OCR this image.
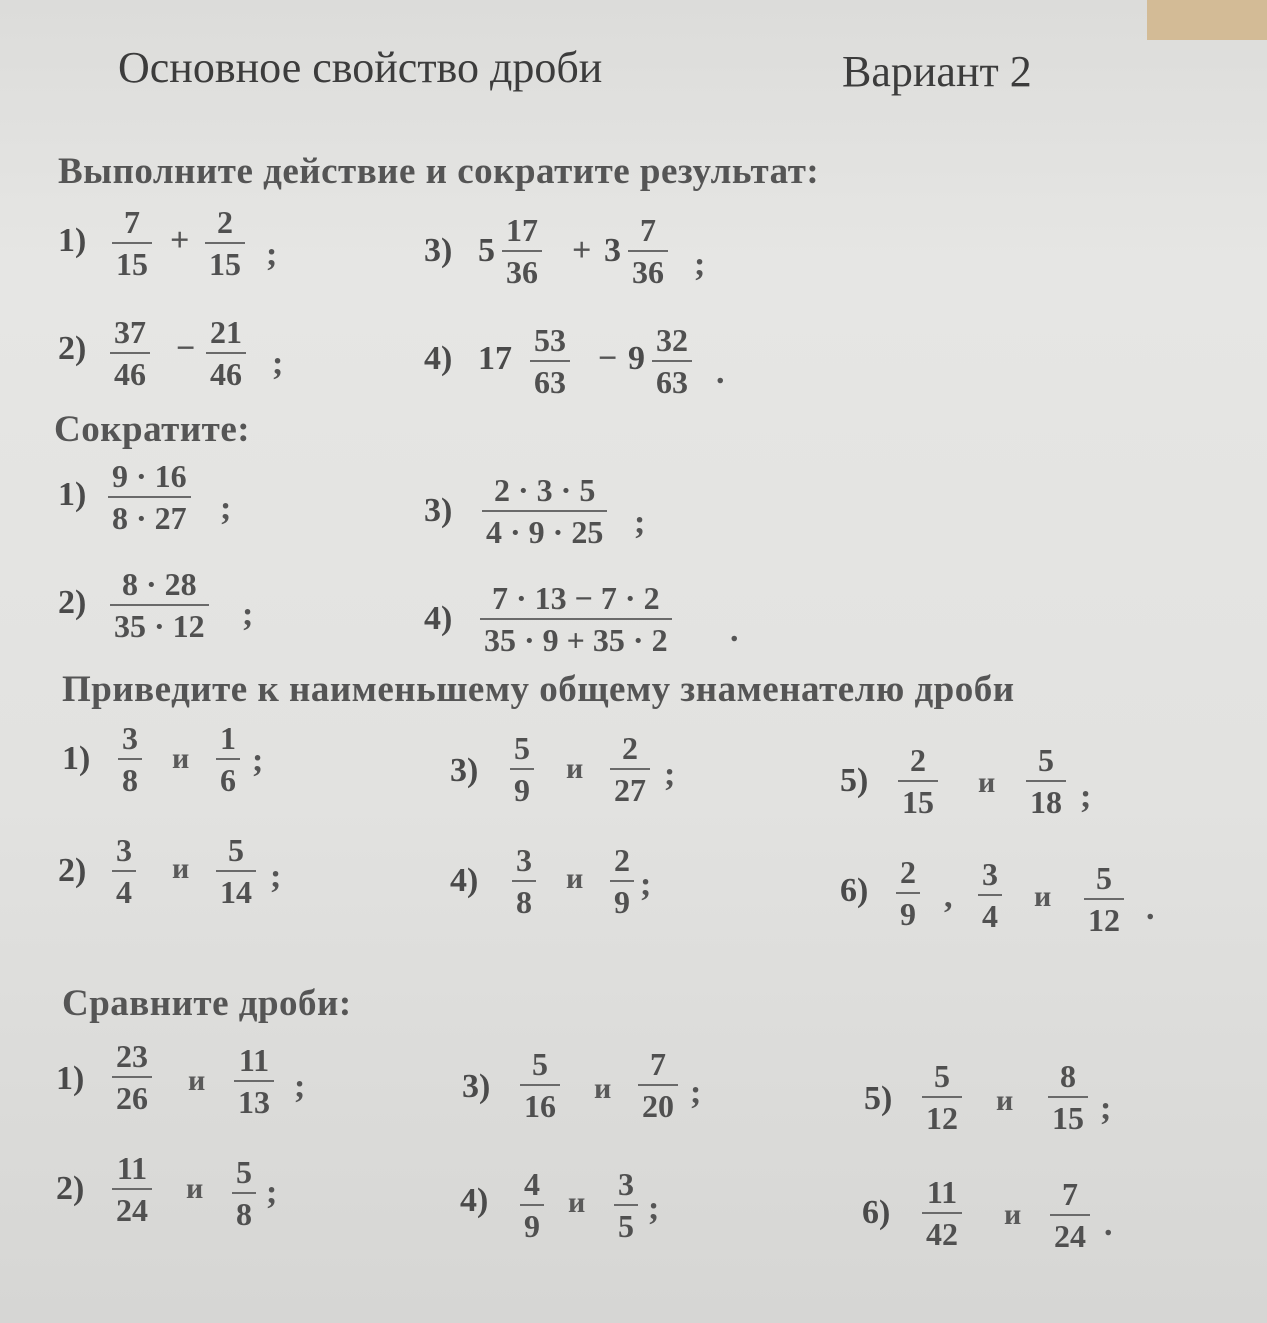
Основное свойство дроби	Вариант 2
Выполните действие и сократите результат:
$1) \frac{7}{15} + \frac{2}{15}$ ;
$2) \frac{37}{46} - \frac{21}{46}$ ;
3) $5 \frac{17}{36} + 3 \frac{7}{36}$ ;
4) $17 \frac{53}{63} - 9 \frac{32}{63}$ .
Сократите:
$1) \frac{9 \cdot 16}{8 \cdot 27}$ ;
$2) \frac{8 \cdot 28}{35 \cdot 12}$ ;
$3) \frac{2 \cdot 3 \cdot 5}{4 \cdot 9 \cdot 25}$ ;
$4) \frac{7 \cdot 13 - 7 \cdot 2}{35 \cdot 9 + 35 \cdot 2}$ .
Приведите к наименьшему общему знаменателю дроби
$1) \frac{3}{8}$ и $\frac{1}{6}$ ;
$2) \frac{3}{4}$ и $\frac{5}{14}$ ;
$3) \frac{5}{9}$ и $\frac{2}{27}$ ;
$4) \frac{3}{8}$ и $\frac{2}{9}$ ;
$5) \frac{2}{15}$ и $\frac{5}{18}$ ;
$6) \frac{2}{9}$ , $\frac{3}{4}$ и $\frac{5}{12}$ .
Сравните дроби:
$1) \frac{23}{26}$ и $\frac{11}{13}$ ;
$2) \frac{11}{24}$ и $\frac{5}{8}$ ;
$3) \frac{5}{16}$ и $\frac{7}{20}$ ;
$4) \frac{4}{9}$ и $\frac{3}{5}$ ;
$5) \frac{5}{12}$ и $\frac{8}{15}$ ;
$6) \frac{11}{42}$ и $\frac{7}{24}$ .
